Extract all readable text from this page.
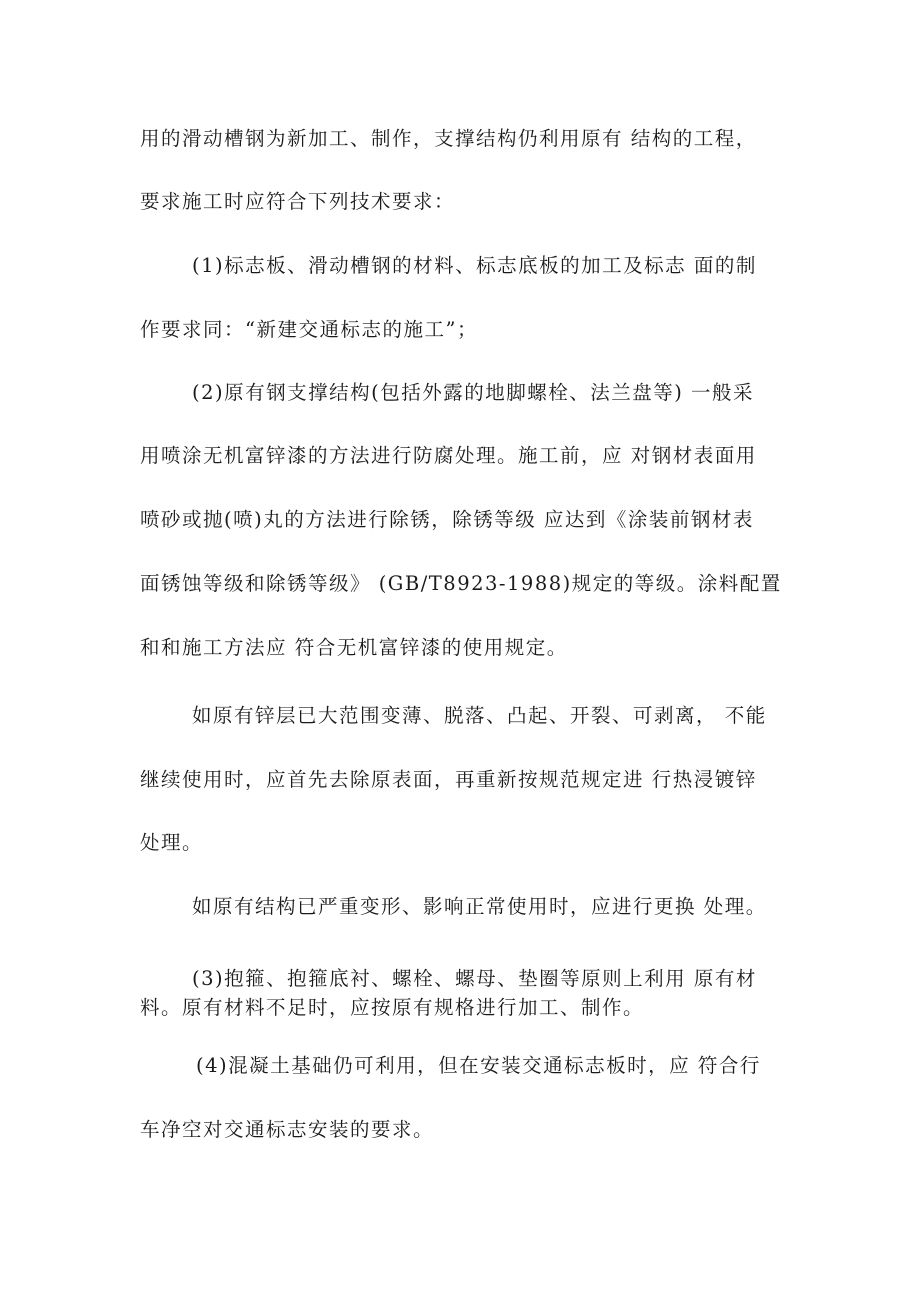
用的滑动槽钢为新加工、制作，支撑结构仍利用原有 结构的工程，
要求施工时应符合下列技术要求：
(1)标志板、滑动槽钢的材料、标志底板的加工及标志 面的制
作要求同：“新建交通标志的施工”；
(2)原有钢支撑结构(包括外露的地脚螺栓、法兰盘等) 一般采
用喷涂无机富锌漆的方法进行防腐处理。施工前，应 对钢材表面用
喷砂或抛(喷)丸的方法进行除锈，除锈等级 应达到《涂装前钢材表
面锈蚀等级和除锈等级》 (GB/T8923-1988)规定的等级。涂料配置
和和施工方法应 符合无机富锌漆的使用规定。
如原有锌层已大范围变薄、脱落、凸起、开裂、可剥离， 不能
继续使用时，应首先去除原表面，再重新按规范规定进 行热浸镀锌
处理。
如原有结构已严重变形、影响正常使用时，应进行更换 处理。
(3)抱箍、抱箍底衬、螺栓、螺母、垫圈等原则上利用 原有材
料。原有材料不足时，应按原有规格进行加工、制作。
(4)混凝土基础仍可利用，但在安装交通标志板时，应 符合行
车净空对交通标志安装的要求。
